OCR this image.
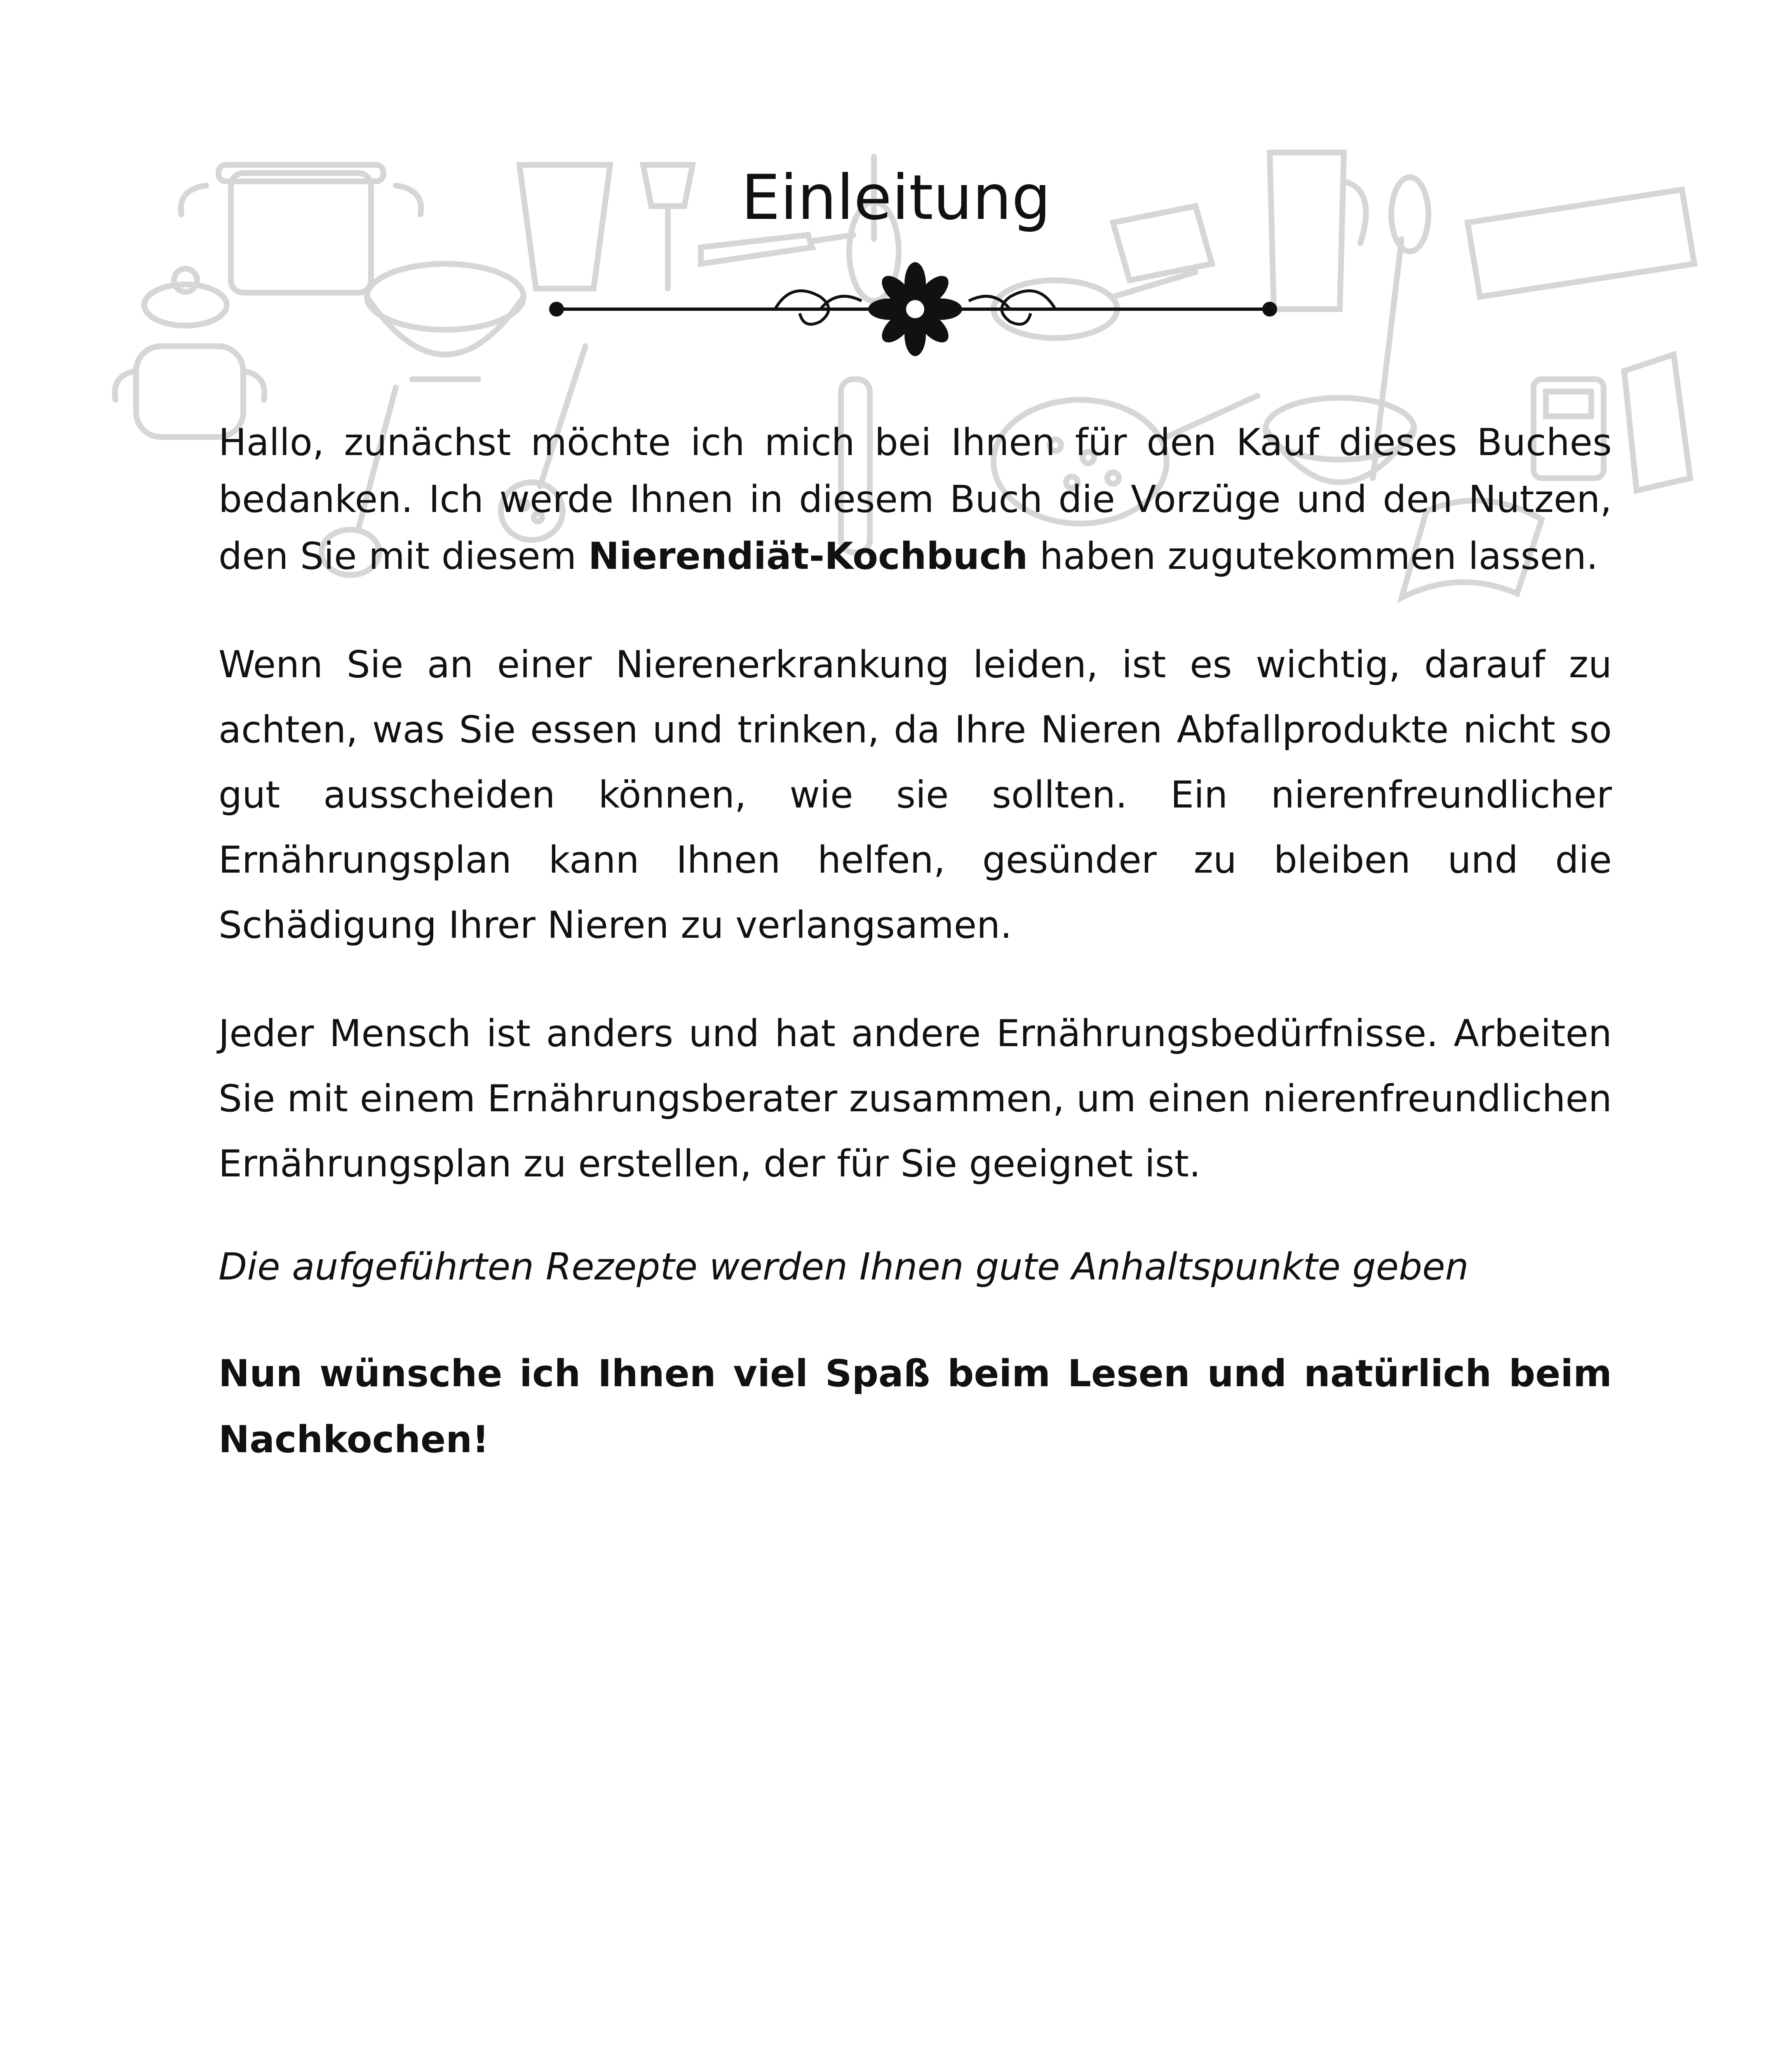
Einleitung

Hallo, zunächst möchte ich mich bei Ihnen für den Kauf dieses Buches bedanken. Ich werde Ihnen in diesem Buch die Vorzüge und den Nutzen, den Sie mit diesem Nierendiät-Kochbuch haben zugutekommen lassen.

Wenn Sie an einer Nierenerkrankung leiden, ist es wichtig, darauf zu achten, was Sie essen und trinken, da Ihre Nieren Abfallprodukte nicht so gut ausscheiden können, wie sie sollten. Ein nierenfreundlicher Ernährungsplan kann Ihnen helfen, gesünder zu bleiben und die Schädigung Ihrer Nieren zu verlangsamen.

Jeder Mensch ist anders und hat andere Ernährungsbedürfnisse. Arbeiten Sie mit einem Ernährungsberater zusammen, um einen nierenfreundlichen Ernährungsplan zu erstellen, der für Sie geeignet ist.

Die aufgeführten Rezepte werden Ihnen gute Anhaltspunkte geben

Nun wünsche ich Ihnen viel Spaß beim Lesen und natürlich beim Nachkochen!
